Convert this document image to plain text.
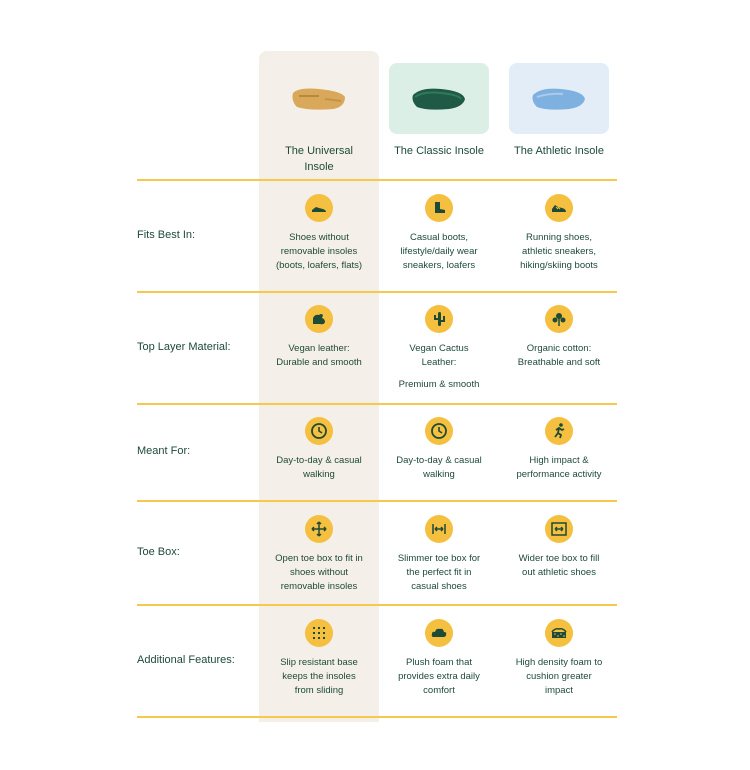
The Universal
Insole
The Classic Insole	The Athletic Insole
Fits Best In:
Top Layer Material:
Meant For:
Toe Box:
Additional Features:

Shoes without

removable insoles

(boots, loafers, flats)

Casual boots,

lifestyle/daily wear

sneakers, loafers

Running shoes,

athletic sneakers,

hiking/skiing boots

Vegan leather:

Durable and smooth

Vegan Cactus

Leather:

Premium & smooth

Organic cotton:

Breathable and soft

Day-to-day & casual

walking

Day-to-day & casual

walking

High impact &

performance activity

Open toe box to fit in

shoes without

removable insoles

Slimmer toe box for

the perfect fit in

casual shoes

Wider toe box to fill

out athletic shoes

Slip resistant base

keeps the insoles

from sliding

Plush foam that

provides extra daily

comfort

High density foam to

cushion greater

impact
